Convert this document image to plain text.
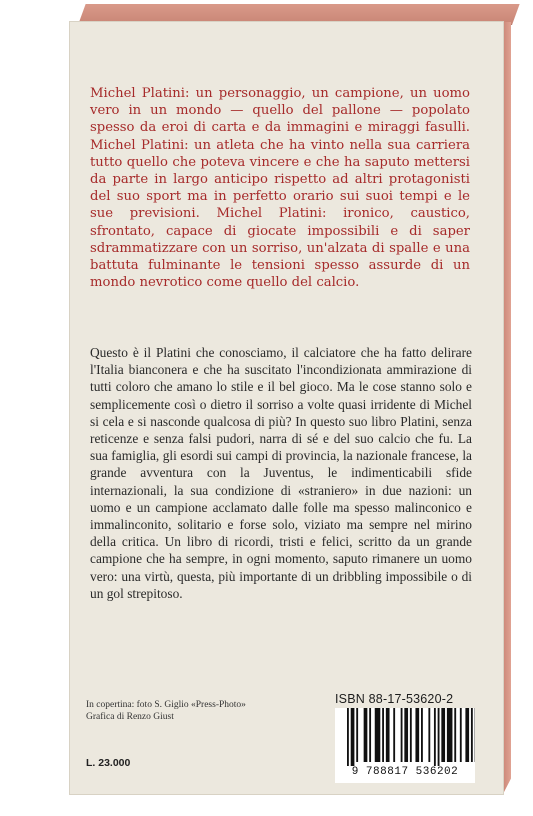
Michel Platini: un personaggio, un campione, un uomo vero in un mondo — quello del pallone — popolato spesso da eroi di carta e da immagini e miraggi fasulli. Michel Platini: un atleta che ha vinto nella sua carriera tutto quello che poteva vincere e che ha saputo mettersi da parte in largo anticipo rispetto ad altri protagonisti del suo sport ma in perfetto orario sui suoi tempi e le sue previsioni. Michel Platini: ironico, caustico, sfrontato, capace di giocate impossibili e di saper sdrammatizzare con un sorriso, un'alzata di spalle e una battuta fulminante le tensioni spesso assurde di un mondo nevrotico come quello del calcio.

Questo è il Platini che conosciamo, il calciatore che ha fatto delirare l'Italia bianconera e che ha suscitato l'incondizionata ammirazione di tutti coloro che amano lo stile e il bel gioco. Ma le cose stanno solo e semplicemente così o dietro il sorriso a volte quasi irridente di Michel si cela e si nasconde qualcosa di più? In questo suo libro Platini, senza reticenze e senza falsi pudori, narra di sé e del suo calcio che fu. La sua famiglia, gli esordi sui campi di provincia, la nazionale francese, la grande avventura con la Juventus, le indimenticabili sfide internazionali, la sua condizione di «straniero» in due nazioni: un uomo e un campione acclamato dalle folle ma spesso malinconico e immalinconito, solitario e forse solo, viziato ma sempre nel mirino della critica. Un libro di ricordi, tristi e felici, scritto da un grande campione che ha sempre, in ogni momento, saputo rimanere un uomo vero: una virtù, questa, più importante di un dribbling impossibile o di un gol strepitoso.

In copertina: foto S. Giglio «Press-Photo»
Grafica di Renzo Giust
L. 23.000
ISBN 88-17-53620-2
9 788817 536202
